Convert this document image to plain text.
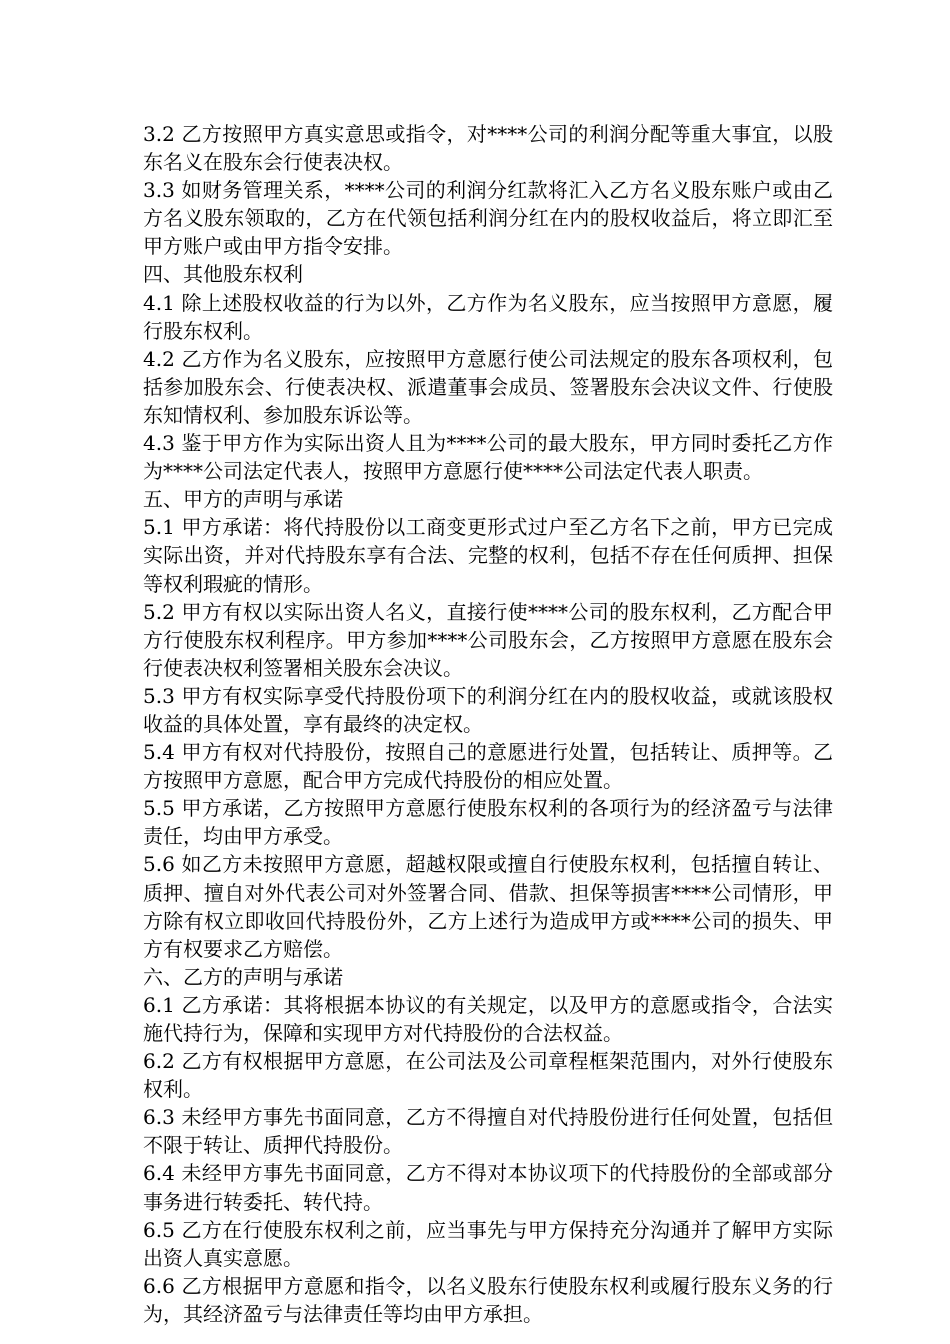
3.2 乙方按照甲方真实意思或指令，对****公司的利润分配等重大事宜，以股东名义在股东会行使表决权。

3.3 如财务管理关系，****公司的利润分红款将汇入乙方名义股东账户或由乙方名义股东领取的，乙方在代领包括利润分红在内的股权收益后，将立即汇至甲方账户或由甲方指令安排。

四、其他股东权利

4.1 除上述股权收益的行为以外，乙方作为名义股东，应当按照甲方意愿，履行股东权利。

4.2 乙方作为名义股东，应按照甲方意愿行使公司法规定的股东各项权利，包括参加股东会、行使表决权、派遣董事会成员、签署股东会决议文件、行使股东知情权利、参加股东诉讼等。

4.3 鉴于甲方作为实际出资人且为****公司的最大股东，甲方同时委托乙方作为****公司法定代表人，按照甲方意愿行使****公司法定代表人职责。

五、甲方的声明与承诺

5.1 甲方承诺：将代持股份以工商变更形式过户至乙方名下之前，甲方已完成实际出资，并对代持股东享有合法、完整的权利，包括不存在任何质押、担保等权利瑕疵的情形。

5.2 甲方有权以实际出资人名义，直接行使****公司的股东权利，乙方配合甲方行使股东权利程序。甲方参加****公司股东会，乙方按照甲方意愿在股东会行使表决权利签署相关股东会决议。

5.3 甲方有权实际享受代持股份项下的利润分红在内的股权收益，或就该股权收益的具体处置，享有最终的决定权。

5.4 甲方有权对代持股份，按照自己的意愿进行处置，包括转让、质押等。乙方按照甲方意愿，配合甲方完成代持股份的相应处置。

5.5 甲方承诺，乙方按照甲方意愿行使股东权利的各项行为的经济盈亏与法律责任，均由甲方承受。

5.6 如乙方未按照甲方意愿，超越权限或擅自行使股东权利，包括擅自转让、质押、擅自对外代表公司对外签署合同、借款、担保等损害****公司情形，甲方除有权立即收回代持股份外，乙方上述行为造成甲方或****公司的损失、甲方有权要求乙方赔偿。

六、乙方的声明与承诺

6.1 乙方承诺：其将根据本协议的有关规定，以及甲方的意愿或指令，合法实施代持行为，保障和实现甲方对代持股份的合法权益。

6.2 乙方有权根据甲方意愿，在公司法及公司章程框架范围内，对外行使股东权利。

6.3 未经甲方事先书面同意，乙方不得擅自对代持股份进行任何处置，包括但不限于转让、质押代持股份。

6.4 未经甲方事先书面同意，乙方不得对本协议项下的代持股份的全部或部分事务进行转委托、转代持。

6.5 乙方在行使股东权利之前，应当事先与甲方保持充分沟通并了解甲方实际出资人真实意愿。

6.6 乙方根据甲方意愿和指令，以名义股东行使股东权利或履行股东义务的行为，其经济盈亏与法律责任等均由甲方承担。
